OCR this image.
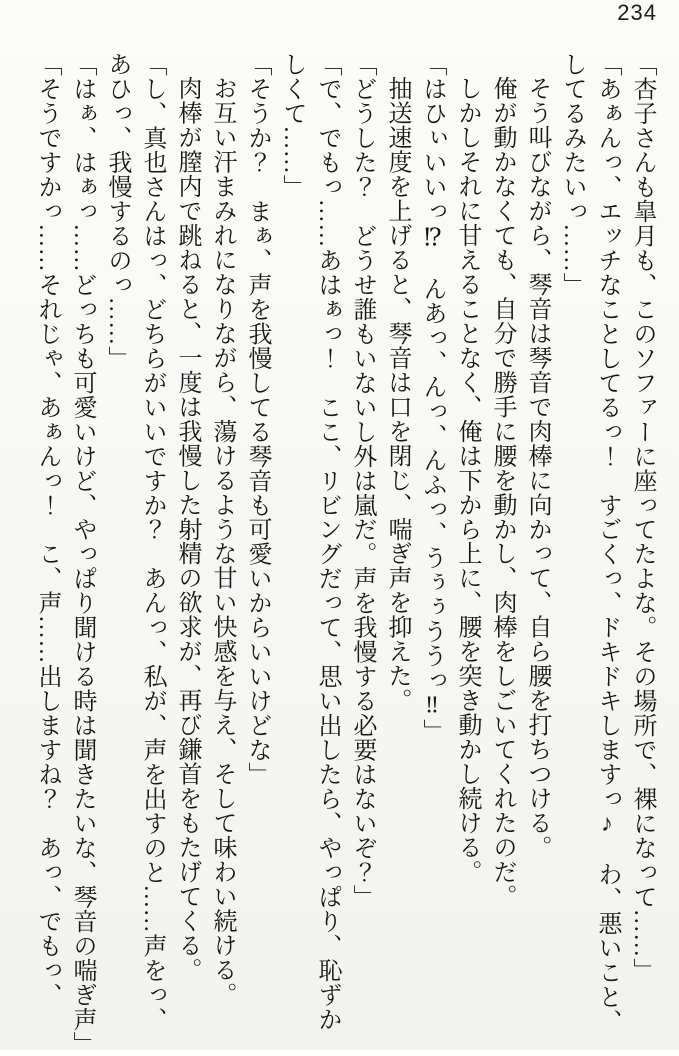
234

「杏子さんも皐月も、このソファーに座ってたよな。その場所で、裸になって……」

「あぁんっ、エッチなことしてるっ！　すごくっ、ドキドキしますっ♪　わ、悪いこと、

してるみたいっ……」

そう叫びながら、琴音は琴音で肉棒に向かって、自ら腰を打ちつける。

俺が動かなくても、自分で勝手に腰を動かし、肉棒をしごいてくれたのだ。

しかしそれに甘えることなく、俺は下から上に、腰を突き動かし続ける。

「はひぃいいっ⁉　んあっ、んっ、んふっ、うぅぅううっ‼」

抽送速度を上げると、琴音は口を閉じ、喘ぎ声を抑えた。

「どうした？　どうせ誰もいないし外は嵐だ。声を我慢する必要はないぞ？」

「で、でもっ……あはぁっ！　ここ、リビングだって、思い出したら、やっぱり、恥ずか

しくて……」

「そうか？　まぁ、声を我慢してる琴音も可愛いからいいけどな」

お互い汗まみれになりながら、蕩けるような甘い快感を与え、そして味わい続ける。

肉棒が膣内で跳ねると、一度は我慢した射精の欲求が、再び鎌首をもたげてくる。

「し、真也さんはっ、どちらがいいですか？　あんっ、私が、声を出すのと……声をっ、

あひっ、我慢するのっ……」

「はぁ、はぁっ……どっちも可愛いけど、やっぱり聞ける時は聞きたいな、琴音の喘ぎ声」

「そうですかっ……それじゃ、あぁんっ！　こ、声……出しますね？　あっ、でもっ、
